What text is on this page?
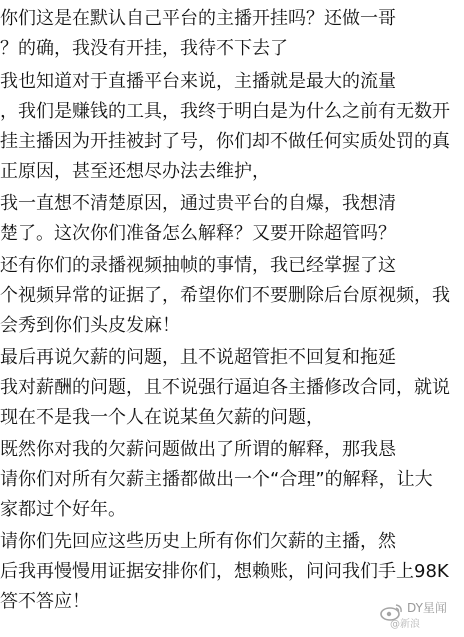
你们这是在默认自己平台的主播开挂吗？还做一哥
？的确，我没有开挂，我待不下去了
我也知道对于直播平台来说，主播就是最大的流量
，我们是赚钱的工具，我终于明白是为什么之前有无数开
挂主播因为开挂被封了号，你们却不做任何实质处罚的真
正原因，甚至还想尽办法去维护，
我一直想不清楚原因，通过贵平台的自爆，我想清
楚了。这次你们准备怎么解释？又要开除超管吗？
还有你们的录播视频抽帧的事情，我已经掌握了这
个视频异常的证据了，希望你们不要删除后台原视频，我
会秀到你们头皮发麻！
最后再说欠薪的问题，且不说超管拒不回复和拖延
我对薪酬的问题，且不说强行逼迫各主播修改合同，就说
现在不是我一个人在说某鱼欠薪的问题，
既然你对我的欠薪问题做出了所谓的解释，那我恳
请你们对所有欠薪主播都做出一个“合理”的解释，让大
家都过个好年。
请你们先回应这些历史上所有你们欠薪的主播，然
后我再慢慢用证据安排你们，想赖账，问问我们手上98K
答不答应！	DY星闻
@新浪
